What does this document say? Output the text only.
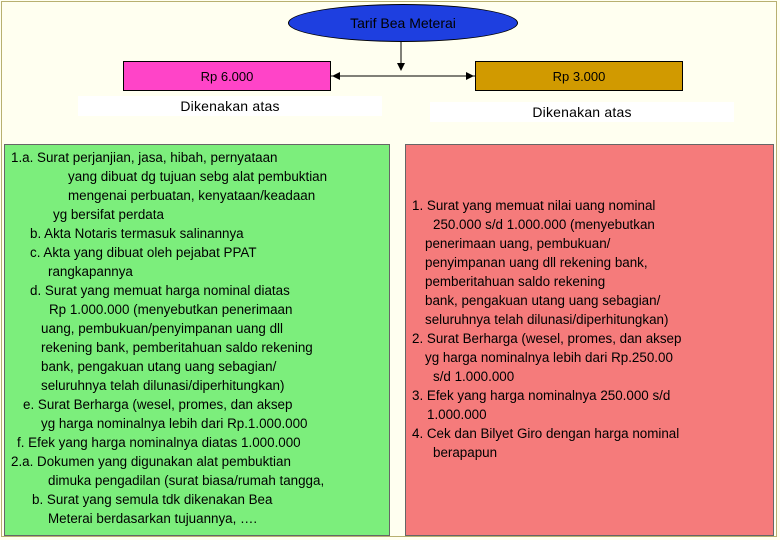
Tarif Bea Meterai
Rp 6.000	Rp 3.000
Dikenakan atas	Dikenakan atas
1.a. Surat perjanjian, jasa, hibah, pernyataan
yang dibuat dg tujuan sebg alat pembuktian
mengenai perbuatan, kenyataan/keadaan
yg bersifat perdata
b. Akta Notaris termasuk salinannya
c. Akta yang dibuat oleh pejabat PPAT
rangkapannya
d. Surat yang memuat harga nominal diatas
Rp 1.000.000 (menyebutkan penerimaan
uang, pembukuan/penyimpanan uang dll
rekening bank, pemberitahuan saldo rekening
bank, pengakuan utang uang sebagian/
seluruhnya telah dilunasi/diperhitungkan)
e. Surat Berharga (wesel, promes, dan aksep
yg harga nominalnya lebih dari Rp.1.000.000
f. Efek yang harga nominalnya diatas 1.000.000
2.a. Dokumen yang digunakan alat pembuktian
dimuka pengadilan (surat biasa/rumah tangga,
b. Surat yang semula tdk dikenakan Bea
Meterai berdasarkan tujuannya, ….
1. Surat yang memuat nilai uang nominal
250.000 s/d 1.000.000 (menyebutkan
penerimaan uang, pembukuan/
penyimpanan uang dll rekening bank,
pemberitahuan saldo rekening
bank, pengakuan utang uang sebagian/
seluruhnya telah dilunasi/diperhitungkan)
2. Surat Berharga (wesel, promes, dan aksep
yg harga nominalnya lebih dari Rp.250.00
s/d 1.000.000
3. Efek yang harga nominalnya 250.000 s/d
1.000.000
4. Cek dan Bilyet Giro dengan harga nominal
berapapun
